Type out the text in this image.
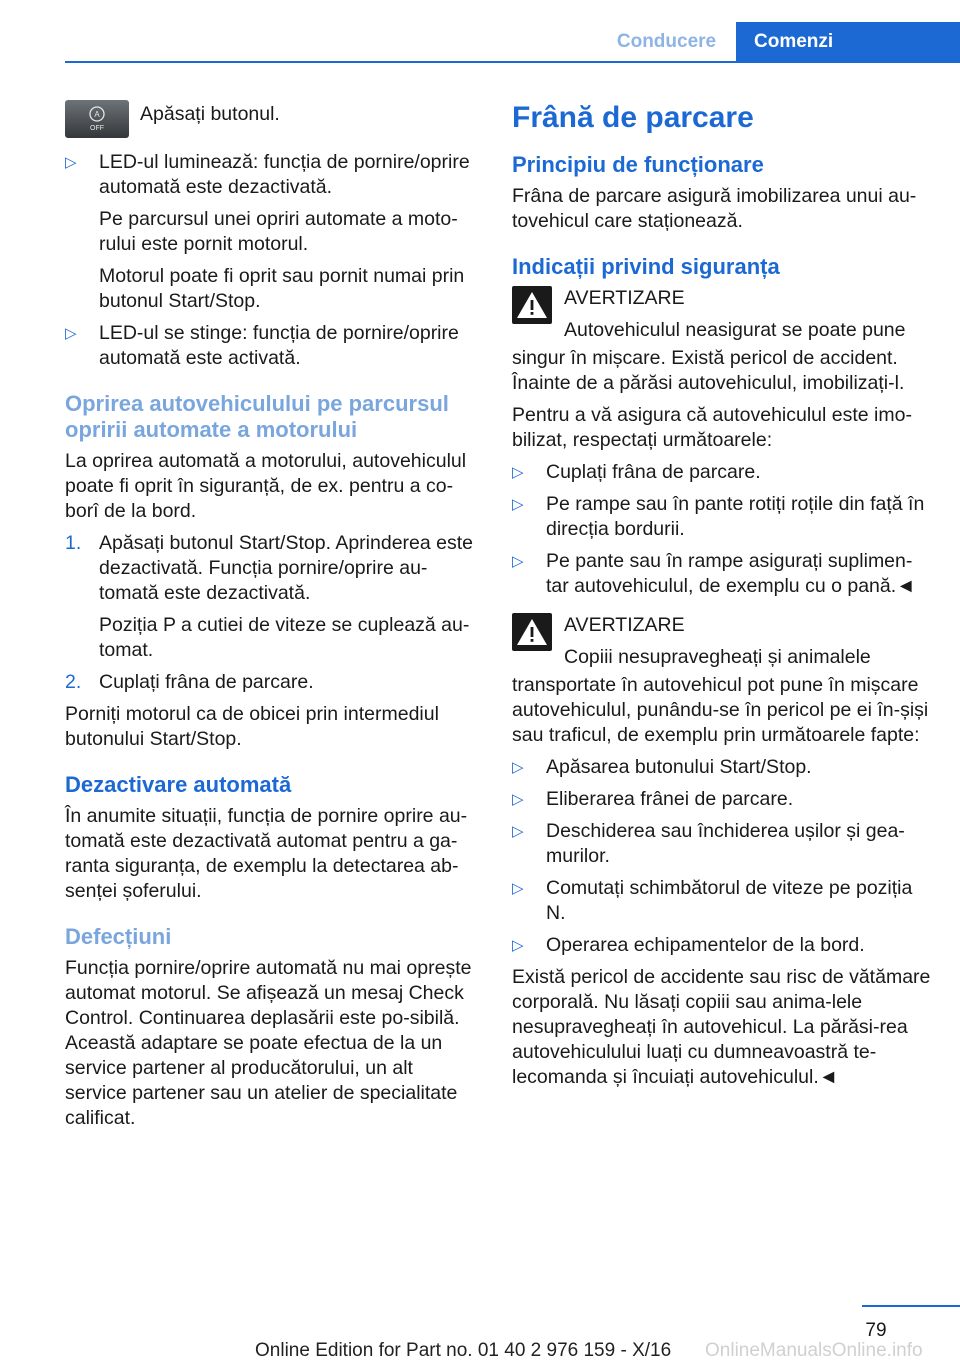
Conducere	Comenzi
A
OFF
Apăsați butonul.
▷ LED-ul luminează: funcția de pornire/oprire automată este dezactivată.
Pe parcursul unei opriri automate a moto‐rului este pornit motorul.
Motorul poate fi oprit sau pornit numai prin butonul Start/Stop.
▷ LED-ul se stinge: funcția de pornire/oprire automată este activată.
Oprirea autovehiculului pe parcursul opririi automate a motorului

La oprirea automată a motorului, autovehiculul poate fi oprit în siguranță, de ex. pentru a co‐borî de la bord.

1. Apăsați butonul Start/Stop. Aprinderea este dezactivată. Funcția pornire/oprire au‐tomată este dezactivată.
Poziția P a cutiei de viteze se cuplează au‐tomat.
2. Cuplați frâna de parcare.

Porniți motorul ca de obicei prin intermediul butonului Start/Stop.

Dezactivare automată

În anumite situații, funcția de pornire oprire au‐tomată este dezactivată automat pentru a ga‐ranta siguranța, de exemplu la detectarea ab‐senței șoferului.

Defecțiuni

Funcția pornire/oprire automată nu mai oprește automat motorul. Se afișează un mesaj Check Control. Continuarea deplasării este po‐sibilă. Această adaptare se poate efectua de la un service partener al producătorului, un alt service partener sau un atelier de specialitate calificat.

Frână de parcare
Principiu de funcționare

Frâna de parcare asigură imobilizarea unui au‐tovehicul care staționează.

Indicații privind siguranța
AVERTIZARE
Autovehiculul neasigurat se poate pune

singur în mișcare. Există pericol de accident. Înainte de a părăsi autovehiculul, imobilizați-l.

Pentru a vă asigura că autovehiculul este imo‐bilizat, respectați următoarele:

▷ Cuplați frâna de parcare.
▷ Pe rampe sau în pante rotiți roțile din față în direcția bordurii.
▷ Pe pante sau în rampe asigurați suplimen‐tar autovehiculul, de exemplu cu o pană.◄
AVERTIZARE
Copiii nesupravegheați și animalele

transportate în autovehicul pot pune în mișcare autovehiculul, punându-se în pericol pe ei în‐șiși sau traficul, de exemplu prin următoarele fapte:

▷ Apăsarea butonului Start/Stop.
▷ Eliberarea frânei de parcare.
▷ Deschiderea sau închiderea ușilor și gea‐murilor.
▷ Comutați schimbătorul de viteze pe poziția N.
▷ Operarea echipamentelor de la bord.

Există pericol de accidente sau risc de vătămare corporală. Nu lăsați copiii sau anima‐lele nesupravegheați în autovehicul. La părăsi‐rea autovehiculului luați cu dumneavoastră te‐lecomanda și încuiați autovehiculul.◄

79
Online Edition for Part no. 01 40 2 976 159 - X/16	OnlineManualsOnline.info
